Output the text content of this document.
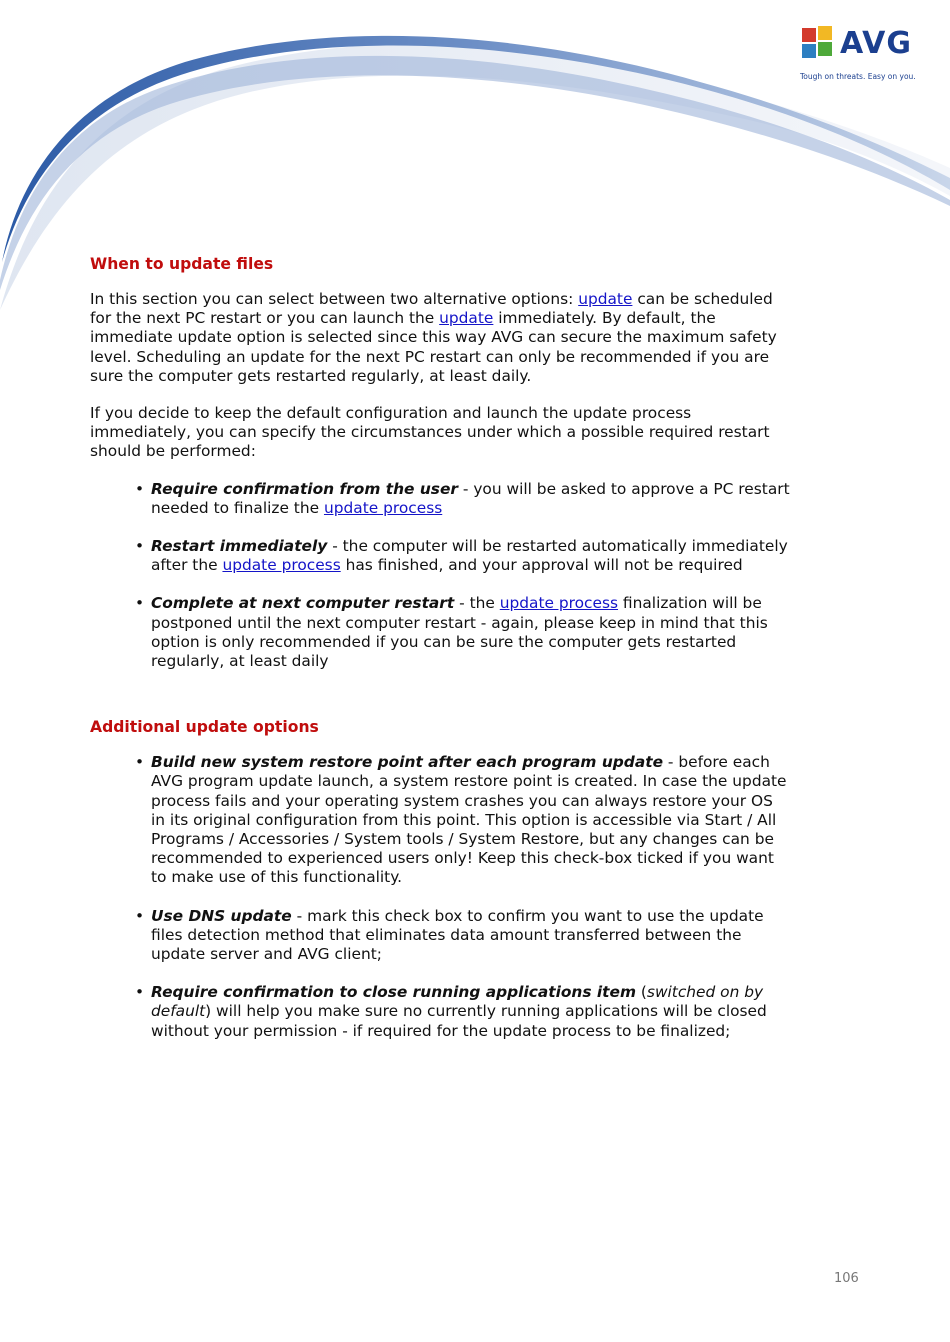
AVG
Tough on threats. Easy on you.
When to update files

In this section you can select between two alternative options: update can be scheduled for the next PC restart or you can launch the update immediately. By default, the immediate update option is selected since this way AVG can secure the maximum safety level. Scheduling an update for the next PC restart can only be recommended if you are sure the computer gets restarted regularly, at least daily.

If you decide to keep the default configuration and launch the update process immediately, you can specify the circumstances under which a possible required restart should be performed:

• Require confirmation from the user - you will be asked to approve a PC restart needed to finalize the update process
• Restart immediately - the computer will be restarted automatically immediately after the update process has finished, and your approval will not be required
• Complete at next computer restart - the update process finalization will be postponed until the next computer restart - again, please keep in mind that this option is only recommended if you can be sure the computer gets restarted regularly, at least daily
Additional update options
• Build new system restore point after each program update - before each AVG program update launch, a system restore point is created. In case the update process fails and your operating system crashes you can always restore your OS in its original configuration from this point. This option is accessible via Start / All Programs / Accessories / System tools / System Restore, but any changes can be recommended to experienced users only! Keep this check-box ticked if you want to make use of this functionality.
• Use DNS update - mark this check box to confirm you want to use the update files detection method that eliminates data amount transferred between the update server and AVG client;
• Require confirmation to close running applications item (switched on by default) will help you make sure no currently running applications will be closed without your permission - if required for the update process to be finalized;
106
